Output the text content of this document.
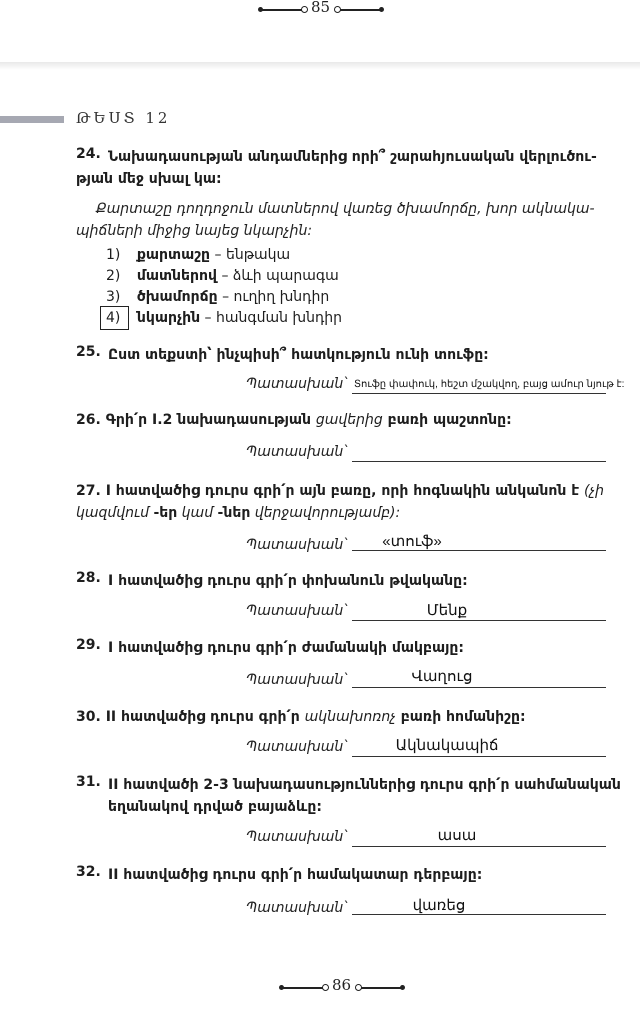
85
ԹԵՍՏ 12
24. Նախադասության անդամներից որի՞ շարահյուսական վերլուծու-
թյան մեջ սխալ կա:
Քարտաշը դողդոջուն մատներով վառեց ծխամորճը, խոր ակնակա-
պիճների միջից նայեց նկարչին:
1) քարտաշը – ենթակա
2) մատներով – ձևի պարագա
3) ծխամորճը – ուղիղ խնդիր
4) նկարչին – հանգման խնդիր
25. Ըստ տեքստի՝ ինչպիսի՞ հատկություն ունի տուֆը:
Պատասխան՝ Տուֆը փափուկ, հեշտ մշակվող, բայց ամուր նյութ է:
26. Գրի՛ր I.2 նախադասության ցավերից բառի պաշտոնը:
Պատասխան՝
27. I հատվածից դուրս գրի՛ր այն բառը, որի հոգնակին անկանոն է (չի
կազմվում -եր կամ -ներ վերջավորությամբ):
Պատասխան՝	«տուֆ»
28. I հատվածից դուրս գրի՛ր փոխանուն թվականը:
Պատասխան՝	Մենք
29. I հատվածից դուրս գրի՛ր ժամանակի մակբայը:
Պատասխան՝	Վաղուց
30. II հատվածից դուրս գրի՛ր ակնախոռոչ բառի հոմանիշը:
Պատասխան՝	Ակնակապիճ
31. II հատվածի 2-3 նախադասություններից դուրս գրի՛ր սահմանական
եղանակով դրված բայաձևը:
Պատասխան՝	ասա
32. II հատվածից դուրս գրի՛ր համակատար դերբայը:
Պատասխան՝	վառեց
86
